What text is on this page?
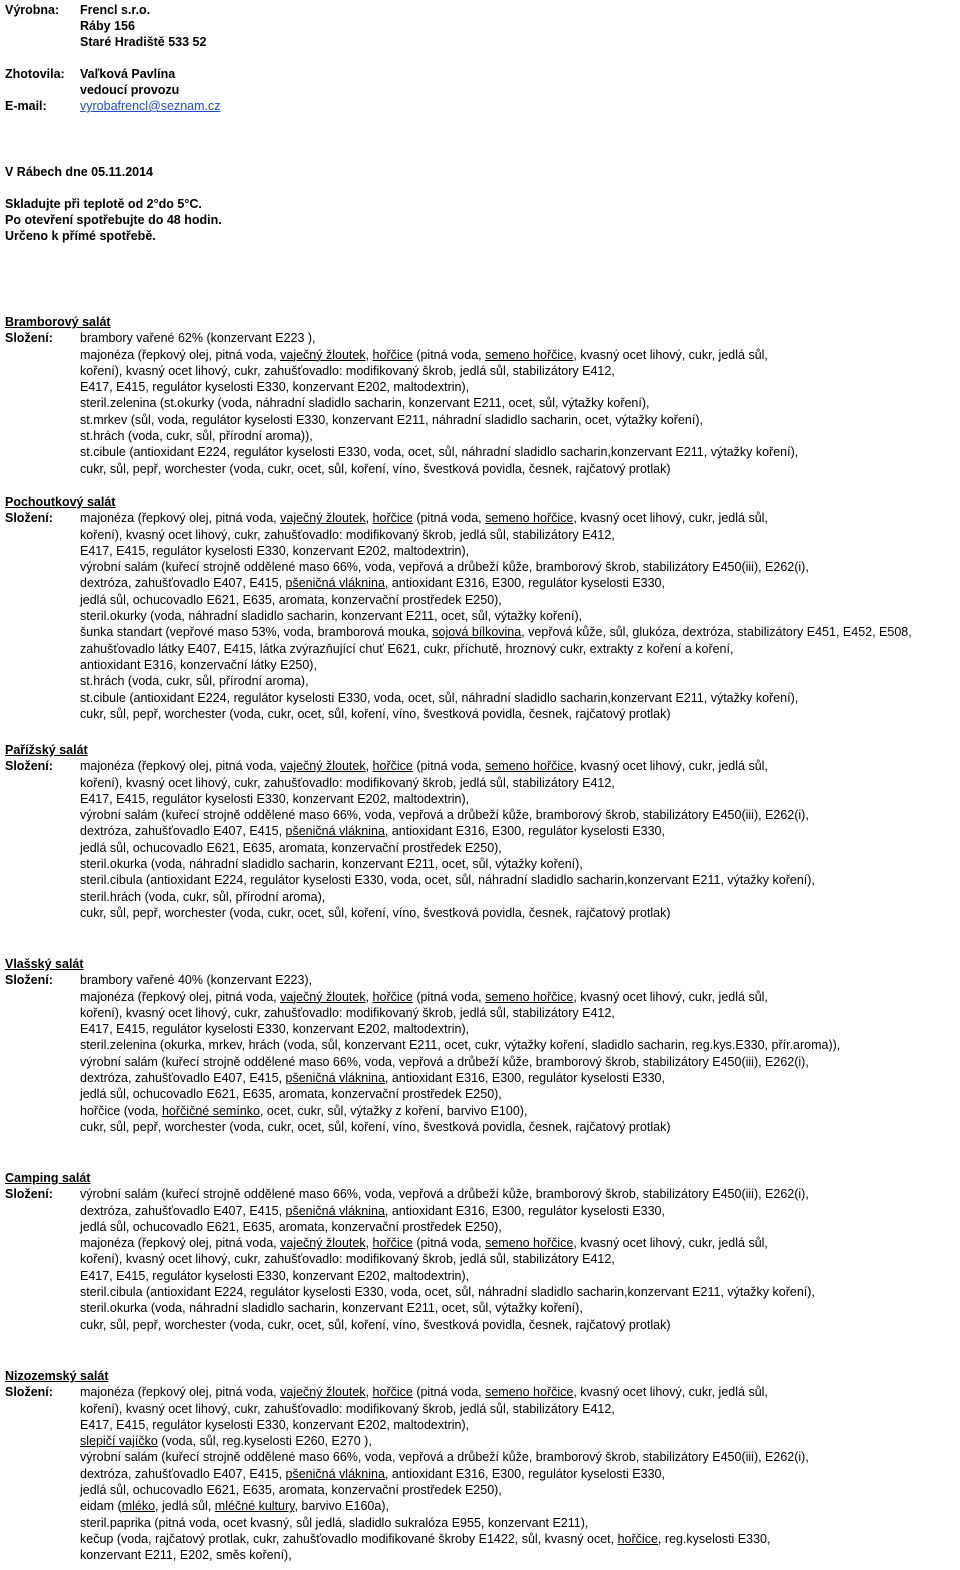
Výrobna: Frencl s.r.o.
Ráby 156
Staré Hradiště 533 52
Zhotovila: Vaľková Pavlína
vedoucí provozu
E-mail:	vyrobafrencl@seznam.cz
V Rábech dne 05.11.2014
Skladujte při teplotě od 2°do 5°C.
Po otevření spotřebujte do 48 hodin.
Určeno k přímé spotřebě.
Bramborový salát
Složení: brambory vařené 62% (konzervant E223 ),
majonéza (řepkový olej, pitná voda, vaječný žloutek, hořčice (pitná voda, semeno hořčice, kvasný ocet lihový, cukr, jedlá sůl,
koření), kvasný ocet lihový, cukr, zahušťovadlo: modifikovaný škrob, jedlá sůl, stabilizátory E412,
E417, E415, regulátor kyselosti E330, konzervant E202, maltodextrin),
steril.zelenina (st.okurky (voda, náhradní sladidlo sacharin, konzervant E211, ocet, sůl, výtažky koření),
st.mrkev (sůl, voda, regulátor kyselosti E330, konzervant E211, náhradní sladidlo sacharin, ocet, výtažky koření),
st.hrách (voda, cukr, sůl, přírodní aroma)),
st.cibule (antioxidant E224, regulátor kyselosti E330, voda, ocet, sůl, náhradní sladidlo sacharin,konzervant E211, výtažky koření),
cukr, sůl, pepř, worchester (voda, cukr, ocet, sůl, koření, víno, švestková povidla, česnek, rajčatový protlak)
Pochoutkový salát
Složení: majonéza (řepkový olej, pitná voda, vaječný žloutek, hořčice (pitná voda, semeno hořčice, kvasný ocet lihový, cukr, jedlá sůl,
koření), kvasný ocet lihový, cukr, zahušťovadlo: modifikovaný škrob, jedlá sůl, stabilizátory E412,
E417, E415, regulátor kyselosti E330, konzervant E202, maltodextrin),
výrobní salám (kuřecí strojně oddělené maso 66%, voda, vepřová a drůbeží kůže, bramborový škrob, stabilizátory E450(iii), E262(i),
dextróza, zahušťovadlo E407, E415, pšeničná vláknina, antioxidant E316, E300, regulátor kyselosti E330,
jedlá sůl, ochucovadlo E621, E635, aromata, konzervační prostředek E250),
steril.okurky (voda, náhradní sladidlo sacharin, konzervant E211, ocet, sůl, výtažky koření),
šunka standart (vepřové maso 53%, voda, bramborová mouka, sojová bílkovina, vepřová kůže, sůl, glukóza, dextróza, stabilizátory E451, E452, E508,
zahušťovadlo látky E407, E415, látka zvýrazňující chuť E621, cukr, příchutě, hroznový cukr, extrakty z koření a koření,
antioxidant E316, konzervační látky E250),
st.hrách (voda, cukr, sůl, přírodní aroma),
st.cibule (antioxidant E224, regulátor kyselosti E330, voda, ocet, sůl, náhradní sladidlo sacharin,konzervant E211, výtažky koření),
cukr, sůl, pepř, worchester (voda, cukr, ocet, sůl, koření, víno, švestková povidla, česnek, rajčatový protlak)
Pařížský salát
Složení: majonéza (řepkový olej, pitná voda, vaječný žloutek, hořčice (pitná voda, semeno hořčice, kvasný ocet lihový, cukr, jedlá sůl,
koření), kvasný ocet lihový, cukr, zahušťovadlo: modifikovaný škrob, jedlá sůl, stabilizátory E412,
E417, E415, regulátor kyselosti E330, konzervant E202, maltodextrin),
výrobní salám (kuřecí strojně oddělené maso 66%, voda, vepřová a drůbeží kůže, bramborový škrob, stabilizátory E450(iii), E262(i),
dextróza, zahušťovadlo E407, E415, pšeničná vláknina, antioxidant E316, E300, regulátor kyselosti E330,
jedlá sůl, ochucovadlo E621, E635, aromata, konzervační prostředek E250),
steril.okurka (voda, náhradní sladidlo sacharin, konzervant E211, ocet, sůl, výtažky koření),
steril.cibula (antioxidant E224, regulátor kyselosti E330, voda, ocet, sůl, náhradní sladidlo sacharin,konzervant E211, výtažky koření),
steril.hrách (voda, cukr, sůl, přírodní aroma),
cukr, sůl, pepř, worchester (voda, cukr, ocet, sůl, koření, víno, švestková povidla, česnek, rajčatový protlak)
Vlašský salát
Složení: brambory vařené 40% (konzervant E223),
majonéza (řepkový olej, pitná voda, vaječný žloutek, hořčice (pitná voda, semeno hořčice, kvasný ocet lihový, cukr, jedlá sůl,
koření), kvasný ocet lihový, cukr, zahušťovadlo: modifikovaný škrob, jedlá sůl, stabilizátory E412,
E417, E415, regulátor kyselosti E330, konzervant E202, maltodextrin),
steril.zelenina (okurka, mrkev, hrách (voda, sůl, konzervant E211, ocet, cukr, výtažky koření, sladidlo sacharin, reg.kys.E330, přír.aroma)),
výrobní salám (kuřecí strojně oddělené maso 66%, voda, vepřová a drůbeží kůže, bramborový škrob, stabilizátory E450(iii), E262(i),
dextróza, zahušťovadlo E407, E415, pšeničná vláknina, antioxidant E316, E300, regulátor kyselosti E330,
jedlá sůl, ochucovadlo E621, E635, aromata, konzervační prostředek E250),
hořčice (voda, hořčičné semínko, ocet, cukr, sůl, výtažky z koření, barvivo E100),
cukr, sůl, pepř, worchester (voda, cukr, ocet, sůl, koření, víno, švestková povidla, česnek, rajčatový protlak)
Camping salát
Složení: výrobní salám (kuřecí strojně oddělené maso 66%, voda, vepřová a drůbeží kůže, bramborový škrob, stabilizátory E450(iii), E262(i),
dextróza, zahušťovadlo E407, E415, pšeničná vláknina, antioxidant E316, E300, regulátor kyselosti E330,
jedlá sůl, ochucovadlo E621, E635, aromata, konzervační prostředek E250),
majonéza (řepkový olej, pitná voda, vaječný žloutek, hořčice (pitná voda, semeno hořčice, kvasný ocet lihový, cukr, jedlá sůl,
koření), kvasný ocet lihový, cukr, zahušťovadlo: modifikovaný škrob, jedlá sůl, stabilizátory E412,
E417, E415, regulátor kyselosti E330, konzervant E202, maltodextrin),
steril.cibula (antioxidant E224, regulátor kyselosti E330, voda, ocet, sůl, náhradní sladidlo sacharin,konzervant E211, výtažky koření),
steril.okurka (voda, náhradní sladidlo sacharin, konzervant E211, ocet, sůl, výtažky koření),
cukr, sůl, pepř, worchester (voda, cukr, ocet, sůl, koření, víno, švestková povidla, česnek, rajčatový protlak)
Nizozemský salát
Složení: majonéza (řepkový olej, pitná voda, vaječný žloutek, hořčice (pitná voda, semeno hořčice, kvasný ocet lihový, cukr, jedlá sůl,
koření), kvasný ocet lihový, cukr, zahušťovadlo: modifikovaný škrob, jedlá sůl, stabilizátory E412,
E417, E415, regulátor kyselosti E330, konzervant E202, maltodextrin),
slepičí vajíčko (voda, sůl, reg.kyselosti E260, E270 ),
výrobní salám (kuřecí strojně oddělené maso 66%, voda, vepřová a drůbeží kůže, bramborový škrob, stabilizátory E450(iii), E262(i),
dextróza, zahušťovadlo E407, E415, pšeničná vláknina, antioxidant E316, E300, regulátor kyselosti E330,
jedlá sůl, ochucovadlo E621, E635, aromata, konzervační prostředek E250),
eidam (mléko, jedlá sůl, mléčné kultury, barvivo E160a),
steril.paprika (pitná voda, ocet kvasný, sůl jedlá, sladidlo sukralóza E955, konzervant E211),
kečup (voda, rajčatový protlak, cukr, zahušťovadlo modifikované škroby E1422, sůl, kvasný ocet, hořčice, reg.kyselosti E330,
konzervant E211, E202, směs koření),
